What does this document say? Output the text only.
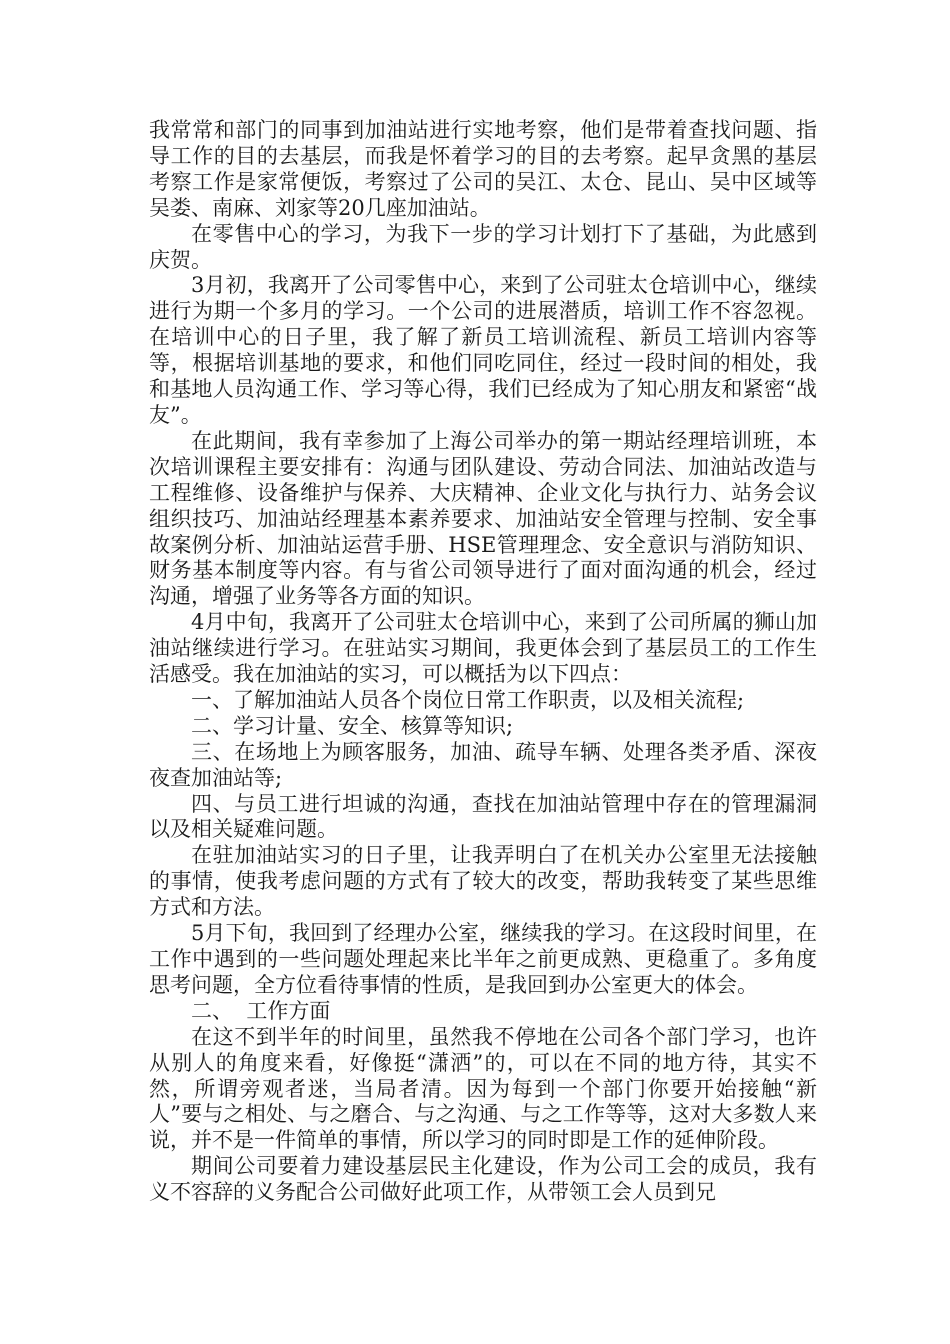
我常常和部门的同事到加油站进行实地考察，他们是带着查找问题、指导工作的目的去基层，而我是怀着学习的目的去考察。起早贪黑的基层考察工作是家常便饭，考察过了公司的吴江、太仓、昆山、吴中区域等吴娄、南麻、刘家等20几座加油站。

在零售中心的学习，为我下一步的学习计划打下了基础，为此感到庆贺。

3月初，我离开了公司零售中心，来到了公司驻太仓培训中心，继续进行为期一个多月的学习。一个公司的进展潜质，培训工作不容忽视。在培训中心的日子里，我了解了新员工培训流程、新员工培训内容等等，根据培训基地的要求，和他们同吃同住，经过一段时间的相处，我和基地人员沟通工作、学习等心得，我们已经成为了知心朋友和紧密“战友”。

在此期间，我有幸参加了上海公司举办的第一期站经理培训班，本次培训课程主要安排有：沟通与团队建设、劳动合同法、加油站改造与工程维修、设备维护与保养、大庆精神、企业文化与执行力、站务会议组织技巧、加油站经理基本素养要求、加油站安全管理与控制、安全事故案例分析、加油站运营手册、HSE管理理念、安全意识与消防知识、财务基本制度等内容。有与省公司领导进行了面对面沟通的机会，经过沟通，增强了业务等各方面的知识。

4月中旬，我离开了公司驻太仓培训中心，来到了公司所属的狮山加油站继续进行学习。在驻站实习期间，我更体会到了基层员工的工作生活感受。我在加油站的实习，可以概括为以下四点：

一、了解加油站人员各个岗位日常工作职责，以及相关流程;

二、学习计量、安全、核算等知识;

三、在场地上为顾客服务，加油、疏导车辆、处理各类矛盾、深夜夜查加油站等;

四、与员工进行坦诚的沟通，查找在加油站管理中存在的管理漏洞以及相关疑难问题。

在驻加油站实习的日子里，让我弄明白了在机关办公室里无法接触的事情，使我考虑问题的方式有了较大的改变，帮助我转变了某些思维方式和方法。

5月下旬，我回到了经理办公室，继续我的学习。在这段时间里，在工作中遇到的一些问题处理起来比半年之前更成熟、更稳重了。多角度思考问题，全方位看待事情的性质，是我回到办公室更大的体会。

二、  工作方面

在这不到半年的时间里，虽然我不停地在公司各个部门学习，也许从别人的角度来看，好像挺“潇洒”的，可以在不同的地方待，其实不然，所谓旁观者迷，当局者清。因为每到一个部门你要开始接触“新人”要与之相处、与之磨合、与之沟通、与之工作等等，这对大多数人来说，并不是一件简单的事情，所以学习的同时即是工作的延伸阶段。

期间公司要着力建设基层民主化建设，作为公司工会的成员，我有义不容辞的义务配合公司做好此项工作，从带领工会人员到兄
